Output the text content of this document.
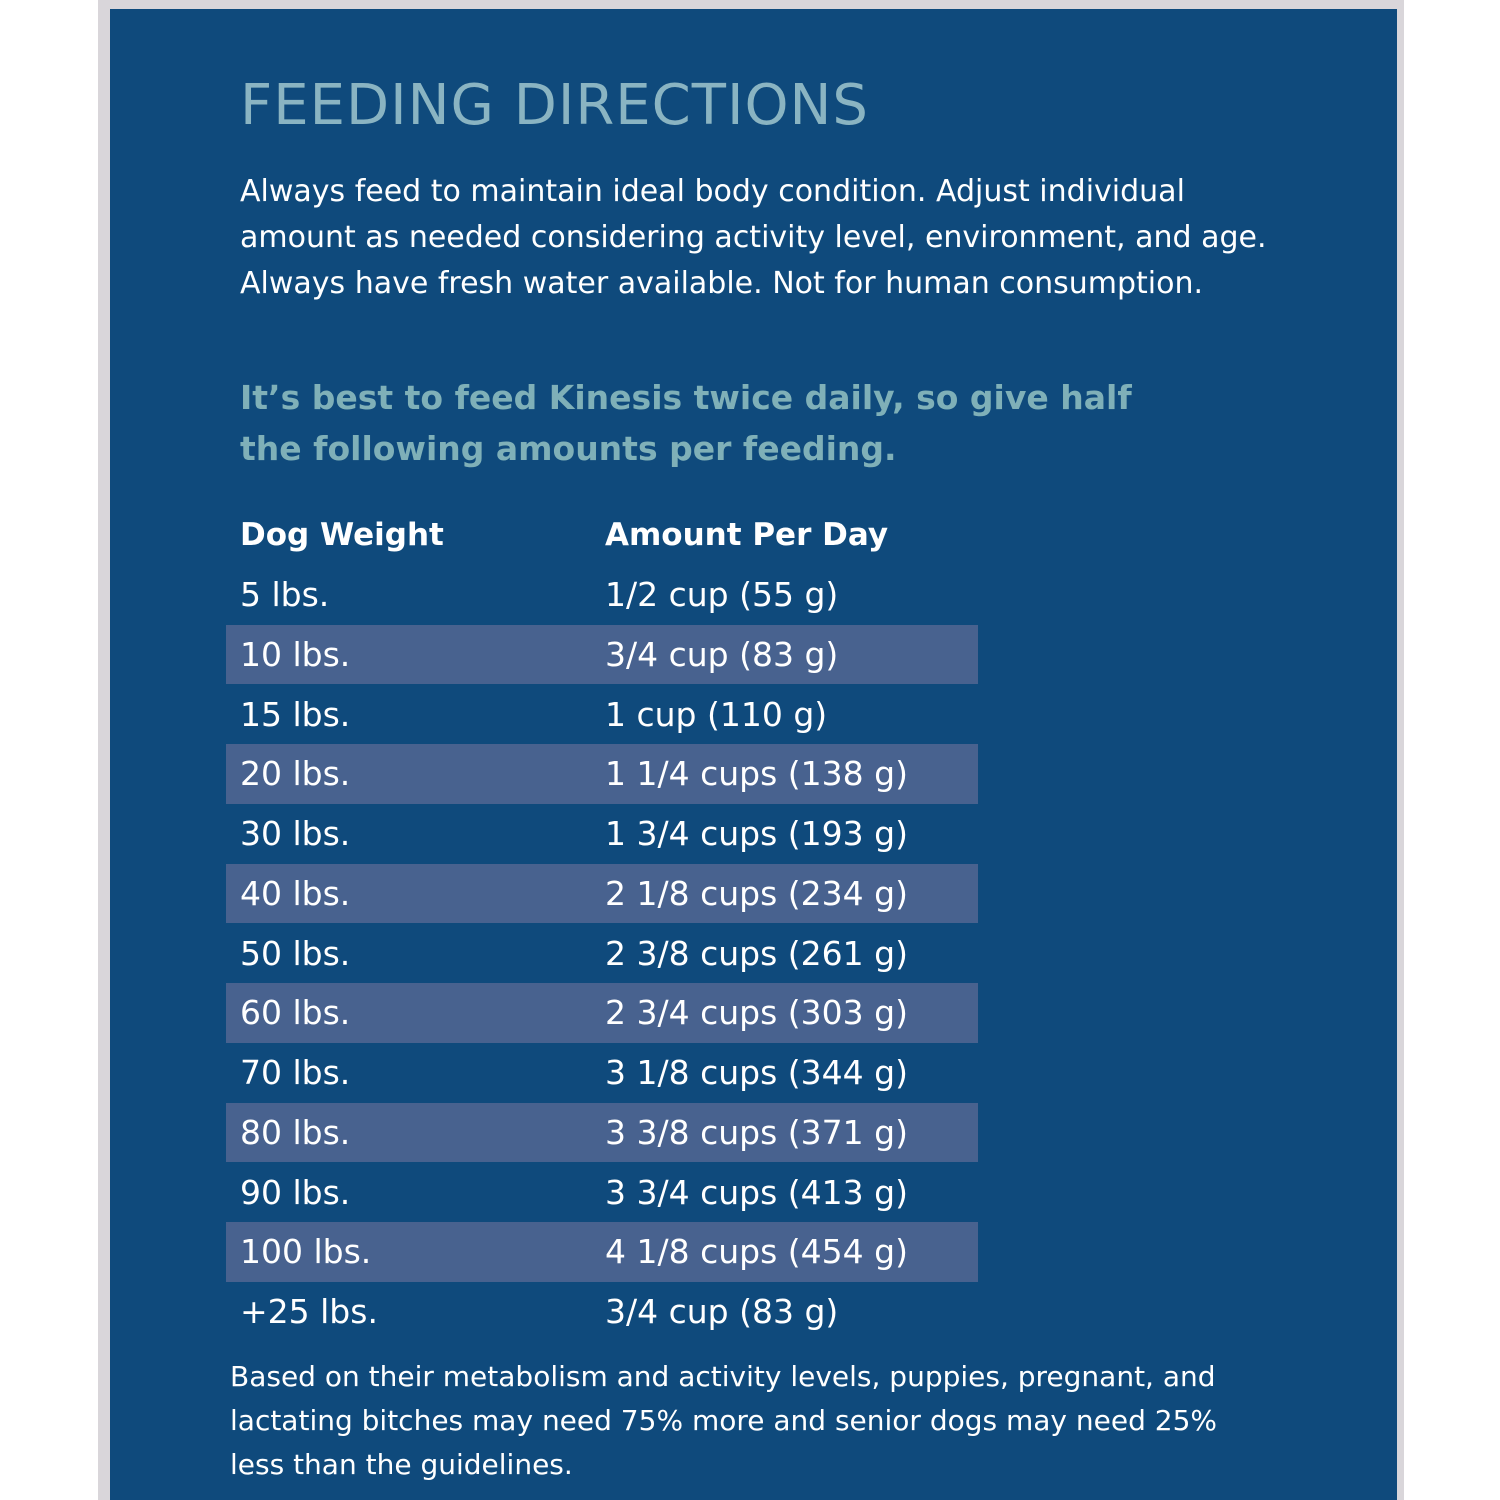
FEEDING DIRECTIONS

Always feed to maintain ideal body condition. Adjust individual amount as needed considering activity level, environment, and age. Always have fresh water available. Not for human consumption.

It’s best to feed Kinesis twice daily, so give half the following amounts per feeding.

Dog Weight	Amount Per Day
5 lbs.	1/2 cup (55 g)
10 lbs.	3/4 cup (83 g)
15 lbs.	1 cup (110 g)
20 lbs.	1 1/4 cups (138 g)
30 lbs.	1 3/4 cups (193 g)
40 lbs.	2 1/8 cups (234 g)
50 lbs.	2 3/8 cups (261 g)
60 lbs.	2 3/4 cups (303 g)
70 lbs.	3 1/8 cups (344 g)
80 lbs.	3 3/8 cups (371 g)
90 lbs.	3 3/4 cups (413 g)
100 lbs.	4 1/8 cups (454 g)
+25 lbs.	3/4 cup (83 g)

Based on their metabolism and activity levels, puppies, pregnant, and lactating bitches may need 75% more and senior dogs may need 25% less than the guidelines.
